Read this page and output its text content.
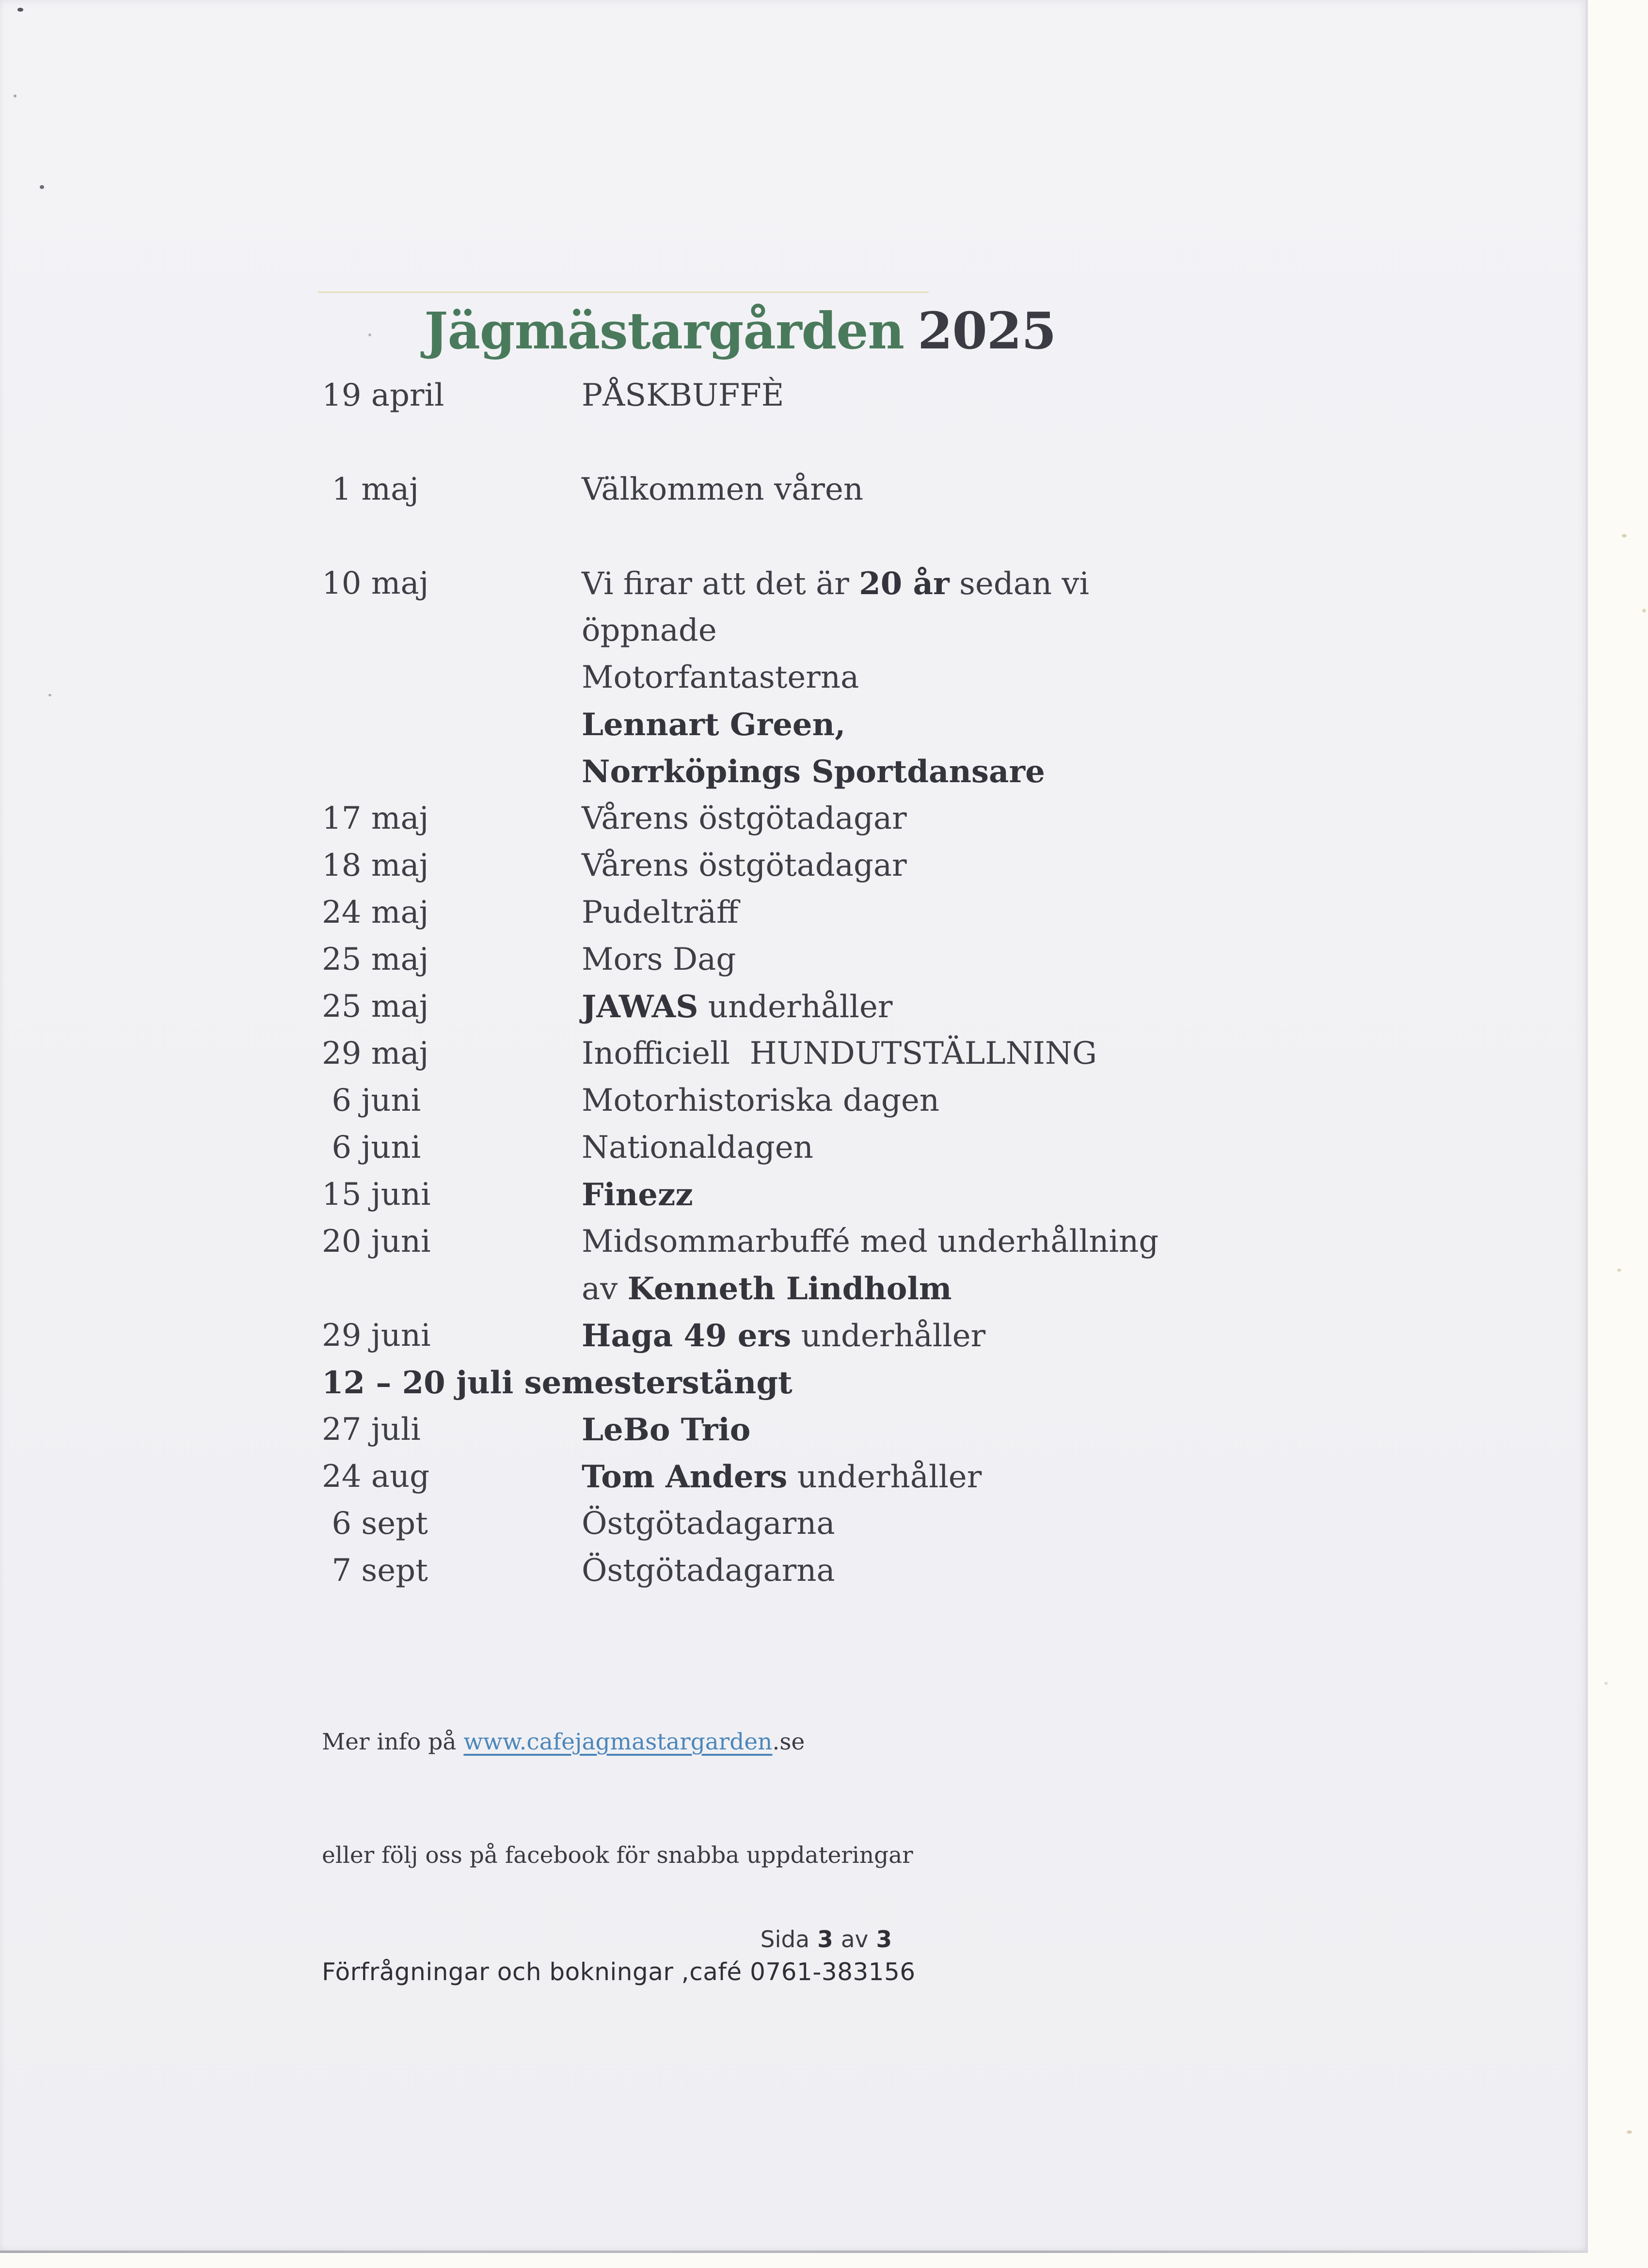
Jägmästargården 2025

19 april	PÅSKBUFFÈ
1 maj	Välkommen våren
10 maj	Vi firar att det är 20 år sedan vi
öppnade
Motorfantasterna
Lennart Green,
Norrköpings Sportdansare
17 maj	Vårens östgötadagar
18 maj	Vårens östgötadagar
24 maj	Pudelträff
25 maj	Mors Dag
25 maj	JAWAS underhåller
29 maj	Inofficiell  HUNDUTSTÄLLNING
6 juni	Motorhistoriska dagen
6 juni	Nationaldagen
15 juni	Finezz
20 juni	Midsommarbuffé med underhållning
av Kenneth Lindholm
29 juni	Haga 49 ers underhåller
12 – 20 juli semesterstängt
27 juli	LeBo Trio
24 aug	Tom Anders underhåller
6 sept	Östgötadagarna
7 sept	Östgötadagarna

Mer info på www.cafejagmastargarden.se

eller följ oss på facebook för snabba uppdateringar

Förfrågningar och bokningar ,café 0761-383156

Sida 3 av 3
